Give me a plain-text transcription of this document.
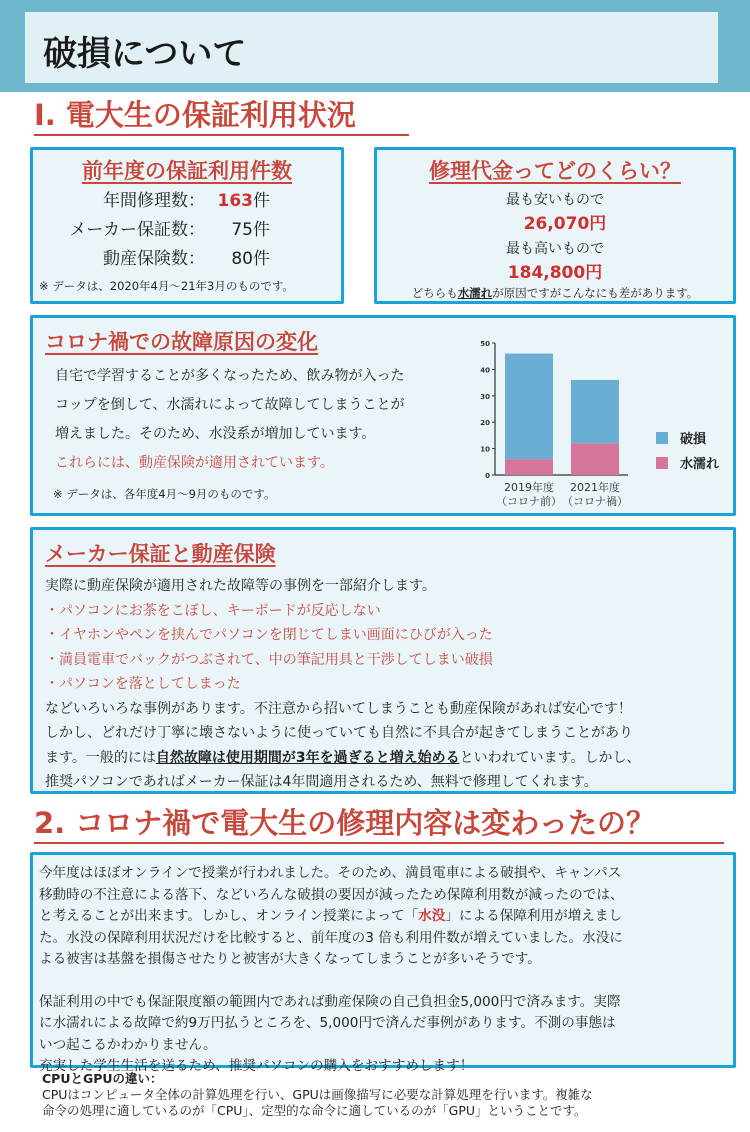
破損について
Ⅰ. 電大生の保証利用状況
前年度の保証利用件数
年間修理数： 163件
メーカー保証数：	75件
動産保険数：	80件
※ データは、2020年4月～21年3月のものです。
修理代金ってどのくらい？
最も安いもので
26,070円
最も高いもので
184,800円
どちらも水濡れが原因ですがこんなにも差があります。
コロナ禍での故障原因の変化
自宅で学習することが多くなったため、飲み物が入った
コップを倒して、水濡れによって故障してしまうことが
増えました。そのため、水没系が増加しています。
これらには、動産保険が適用されています。
※ データは、各年度4月～9月のものです。
0
10
20
30
40
50
2019年度
（コロナ前）
2021年度
（コロナ禍）
破損
水濡れ
メーカー保証と動産保険
実際に動産保険が適用された故障等の事例を一部紹介します。
・パソコンにお茶をこぼし、キーボードが反応しない
・イヤホンやペンを挟んでパソコンを閉じてしまい画面にひびが入った
・満員電車でバックがつぶされて、中の筆記用具と干渉してしまい破損
・パソコンを落としてしまった
などいろいろな事例があります。不注意から招いてしまうことも動産保険があれば安心です！
しかし、どれだけ丁寧に壊さないように使っていても自然に不具合が起きてしまうことがあり
ます。一般的には自然故障は使用期間が3年を過ぎると増え始めるといわれています。しかし、
推奨パソコンであればメーカー保証は4年間適用されるため、無料で修理してくれます。
2. コロナ禍で電大生の修理内容は変わったの？
今年度はほぼオンラインで授業が行われました。そのため、満員電車による破損や、キャンパス
移動時の不注意による落下、などいろんな破損の要因が減ったため保障利用数が減ったのでは、
と考えることが出来ます。しかし、オンライン授業によって「水没」による保障利用が増えまし
た。水没の保障利用状況だけを比較すると、前年度の3 倍も利用件数が増えていました。水没に
よる被害は基盤を損傷させたりと被害が大きくなってしまうことが多いそうです。
保証利用の中でも保証限度額の範囲内であれば動産保険の自己負担金5,000円で済みます。実際
に水濡れによる故障で約9万円払うところを、5,000円で済んだ事例があります。不測の事態は
いつ起こるかわかりません。
充実した学生生活を送るため、推奨パソコンの購入をおすすめします！
CPUとGPUの違い：
CPUはコンピュータ全体の計算処理を行い、GPUは画像描写に必要な計算処理を行います。複雑な
命令の処理に適しているのが「CPU」、定型的な命令に適しているのが「GPU」ということです。
